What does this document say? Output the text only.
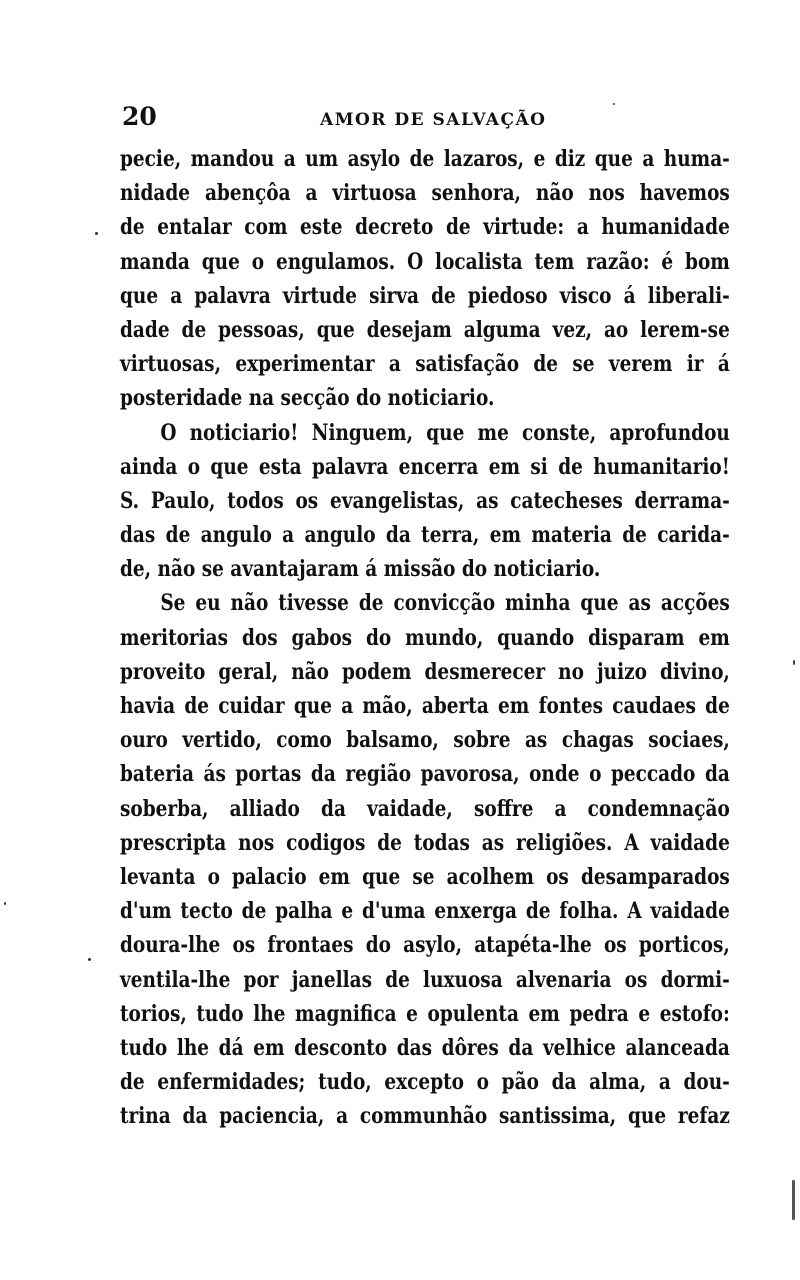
20	AMOR DE SALVAÇÃO
pecie, mandou a um asylo de lazaros, e diz que a huma-
nidade abençôa a virtuosa senhora, não nos havemos
de entalar com este decreto de virtude: a humanidade
manda que o engulamos. O localista tem razão: é bom
que a palavra virtude sirva de piedoso visco á liberali-
dade de pessoas, que desejam alguma vez, ao lerem-se
virtuosas, experimentar a satisfação de se verem ir á
posteridade na secção do noticiario.
O noticiario! Ninguem, que me conste, aprofundou
ainda o que esta palavra encerra em si de humanitario!
S. Paulo, todos os evangelistas, as catecheses derrama-
das de angulo a angulo da terra, em materia de carida-
de, não se avantajaram á missão do noticiario.
Se eu não tivesse de convicção minha que as acções
meritorias dos gabos do mundo, quando disparam em
proveito geral, não podem desmerecer no juizo divino,
havia de cuidar que a mão, aberta em fontes caudaes de
ouro vertido, como balsamo, sobre as chagas sociaes,
bateria ás portas da região pavorosa, onde o peccado da
soberba, alliado da vaidade, soffre a condemnação
prescripta nos codigos de todas as religiões. A vaidade
levanta o palacio em que se acolhem os desamparados
d'um tecto de palha e d'uma enxerga de folha. A vaidade
doura-lhe os frontaes do asylo, atapéta-lhe os porticos,
ventila-lhe por janellas de luxuosa alvenaria os dormi-
torios, tudo lhe magnifica e opulenta em pedra e estofo:
tudo lhe dá em desconto das dôres da velhice alanceada
de enfermidades; tudo, excepto o pão da alma, a dou-
trina da paciencia, a communhão santissima, que refaz
